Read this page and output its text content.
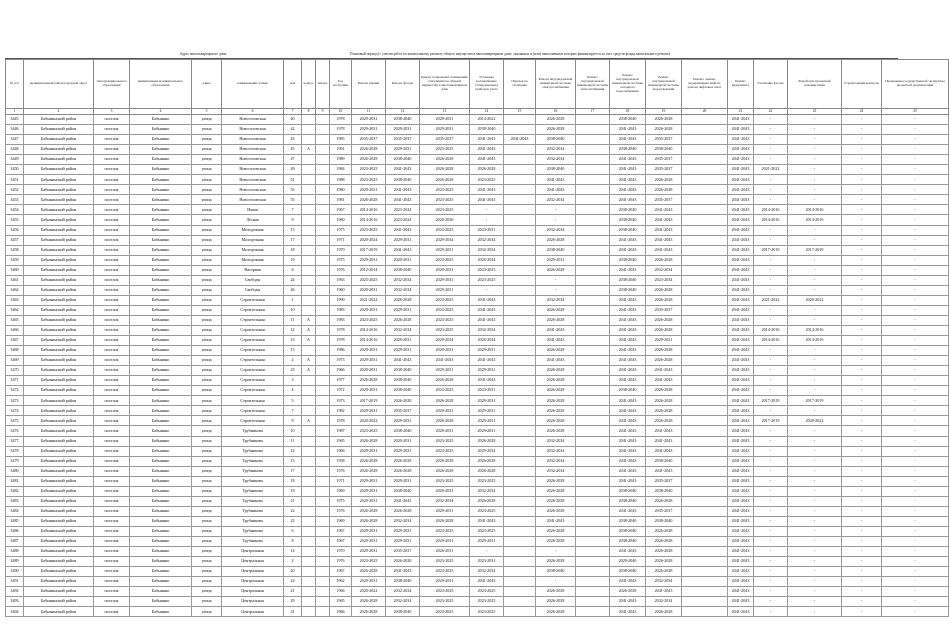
Адрес многоквартирного дома	Плановый период (с учетом работ по капитальному ремонту общего имущества в многоквартирном доме, оказанных и (или) выполненных которых финансируется за счет средств фонда капитального ремонта
№ п/п	муниципальный район/городской округ	тип муниципального образования	наименование муниципального образования	улица	наименование улицы	дом	корпус	литера	Год постройки	Ремонт крыши	Ремонт фасада	Ремонт подвальных помещений, относящихся к общему имуществу в многоквартирном доме	Установка коллективных (общедомовых) приборов учета	Переход на отопление	Ремонт внутридомовой инженерной системы электроснабжения	Ремонт внутридомовой инженерной системы теплоснабжения	Ремонт внутридомовой инженерной системы холодного водоснабжения	Ремонт внутридомовой инженерной системы водоотведения	Ремонт, замена, модернизация лифтов, ремонт лифтовых шахт	Ремонт фундамента	Утепление фасада	Разработка проектной документации	Строительный контроль	Проведение государственной экспертизы проектной документации
1	2	3	4	5	6	7	8	9	10	11	12	13	14	15	16	17	18	19	20	21	22	23	24	25
3445	Бабынинский район	поселок	Бабынино	улица	Новоселовская	40			1978	2029-2031	2038-2040	2029-2031	2014-2022		2026-2028		2038-2040	2026-2028		2041-2043	-	-	-	-
3446	Бабынинский район	поселок	Бабынино	улица	Новоселовская	42			1978	2029-2031	2029-2031	2029-2031	2038-2040		2026-2028		2041-2043	2026-2028		2041-2043	-	-	-	-
3447	Бабынинский район	поселок	Бабынино	улица	Новоселовская	43			1985	2035-2037	2035-2037	2035-2037	2041-2043	2041-2043	2038-2040		2041-2043	2035-2037		2041-2043	-	-	-	-
3448	Бабынинский район	поселок	Бабынино	улица	Новоселовская	45	А		1991	2026-2028	2029-2031	2023-2025	2041-2043		2032-2034		2038-2040	2038-2040		2041-2043	-	-	-	-
3449	Бабынинский район	поселок	Бабынино	улица	Новоселовская	47			1989	2026-2028	2038-2040	2026-2028	2041-2043		2032-2034		2041-2043	2035-2037		2041-2043	-	-	-	-
3450	Бабынинский район	поселок	Бабынино	улица	Новоселовская	49			1984	2023-2025	2041-2043	2026-2028	2026-2028		2038-2040		2041-2043	2035-2037		2041-2043	2021-2022	-	-	-
3451	Бабынинский район	поселок	Бабынино	улица	Новоселовская	51			1988	2023-2025	2038-2040	2026-2028	2023-2025		2041-2043		2041-2043	2026-2028		2041-2043	-	-	-	-
3452	Бабынинский район	поселок	Бабынино	улица	Новоселовская	53			1980	2029-2031	2041-2043	2023-2025	2041-2043		2041-2043		2041-2043	2026-2028		2041-2043	-	-	-	-
3453	Бабынинский район	поселок	Бабынино	улица	Новоселовская	55			1981	2026-2028	2041-2043	2023-2025	2041-2043		2032-2034		2041-2043	2035-2037		2041-2043	-	-	-	-
3454	Бабынинский район	поселок	Бабынино	улица	Новая	7			1967	2014-2016	2023-2024	2023-2025	-		-		2038-2040	2041-2043		2041-2043	2014-2016	2014-2016	-	-
3455	Бабынинский район	поселок	Бабынино	улица	Лесная	9			1960	2014-2016	2023-2024	2020-2030	-		-		2038-2040	2041-2043		2041-2043	2014-2016	2014-2016	-	-
3456	Бабынинский район	поселок	Бабынино	улица	Молодежная	15			1975	2023-2025	2041-2043	2023-2025	2023-2031		2032-2034		2038-2040	2041-2043		2041-2043	-	-	-	-
3457	Бабынинский район	поселок	Бабынино	улица	Молодежная	17			1971	2020-2024	2029-2031	2029-2034	2032-2034		2026-2028		2041-2043	2041-2043		2041-2043	-	-	-	-
3458	Бабынинский район	поселок	Бабынино	улица	Молодежная	18			1970	2017-2019	2041-2043	2029-2031	2032-2034		2038-2040		2041-2043	2041-2043		2041-2043	2017-2019	2017-2019	-	-
3459	Бабынинский район	поселок	Бабынино	улица	Молодежная	19			1975	2029-2031	2020-2031	2023-2025	2026-2034		2029-2031		2038-2040	2026-2028		2041-2043	-	-	-	-
3460	Бабынинский район	поселок	Бабынино	улица	Нагорная	6			1976	2012-2014	2038-2040	2029-2031	2023-2025		2026-2028		2041-2043	2032-2034		2041-2043	-	-	-	-
3461	Бабынинский район	поселок	Бабынино	улица	Свободы	24			1963	2025-2025	2032-2034	2029-2031	2023-2025		-		2038-2040	2023-2034		2041-2043	-	-	-	-
3462	Бабынинский район	поселок	Бабынино	улица	Свободы	26			1960	2029-2031	2032-2034	2029-2031	-		-		2038-2040	2026-2028		2041-2043	-	-	-	-
3463	Бабынинский район	поселок	Бабынино	улица	Строительная	1			1990	2021-2022	2026-2028	2023-2025	2041-2043		2032-2034		2041-2043	2026-2028		2041-2043	2021-2022	2020-2022	-	-
3464	Бабынинский район	поселок	Бабынино	улица	Строительная	10			1983	2029-2031	2029-2031	2023-2025	2041-2043		2026-2028		2041-2043	2035-2037		2041-2043	-	-	-	-
3465	Бабынинский район	поселок	Бабынино	улица	Строительная	11	А		1983	2023-2025	2026-2028	2023-2025	2041-2043		2026-2028		2041-2043	2026-2028		2041-2043	-	-	-	-
3466	Бабынинский район	поселок	Бабынино	улица	Строительная	12	А		1978	2014-2016	2032-2034	2023-2025	2032-2034		2041-2043		2041-2043	2026-2028		2041-2043	2014-2016	2014-2016	-	-
3467	Бабынинский район	поселок	Бабынино	улица	Строительная	13	А		1978	2014-2016	2029-2031	2029-2034	2026-2034		2041-2043		2041-2043	2029-2031		2041-2043	2014-2016	2014-2016	-	-
3468	Бабынинский район	поселок	Бабынино	улица	Строительная	15			1986	2029-2031	2029-2031	2029-2031	2029-2031		2026-2028		2041-2043	2026-2028		2041-2043	-	-	-	-
3469	Бабынинский район	поселок	Бабынино	улица	Строительная	2	А		1973	2029-2031	2041-2043	2041-2043	2041-2043		2041-2043		2041-2043	2026-2028		2041-2043	-	-	-	-
3470	Бабынинский район	поселок	Бабынино	улица	Строительная	23	А		1966	2029-2031	2038-2040	2029-2031	2029-2031		2026-2028		2041-2043	2041-2043		2041-2043	-	-	-	-
3471	Бабынинский район	поселок	Бабынино	улица	Строительная	3			1977	2026-2028	2038-2040	2026-2028	2041-2043		2026-2028		2041-2043	2041-2043		2041-2043	-	-	-	-
3472	Бабынинский район	поселок	Бабынино	улица	Строительная	4			1972	2029-2031	2038-2040	2023-2025	2023-2031		2026-2028		2038-2040	2026-2028		2041-2043	-	-	-	-
3473	Бабынинский район	поселок	Бабынино	улица	Строительная	5			1973	2017-2019	2026-2028	2026-2028	2029-2031		2026-2028		2041-2043	2026-2028		2041-2043	2017-2019	2017-2019	-	-
3474	Бабынинский район	поселок	Бабынино	улица	Строительная	7			1982	2029-2031	2035-2037	2029-2031	2029-2031		2026-2028		2041-2043	2026-2028		2041-2043	-	-	-	-
3475	Бабынинский район	поселок	Бабынино	улица	Строительная	9	А		1978	2020-2022	2029-2031	2026-2028	2029-2031		2026-2028		2041-2043	2026-2028		2041-2043	2017-2019	2020-2022	-	-
3476	Бабынинский район	поселок	Бабынино	улица	Трубникова	10			1987	2023-2025	2038-2040	2029-2031	2029-2031		2026-2028		2041-2043	2041-2043		2041-2043	-	-	-	-
3477	Бабынинский район	поселок	Бабынино	улица	Трубникова	11			1965	2026-2028	2020-2031	2023-2025	2026-2028		2032-2034		2041-2043	2041-2043		2041-2043	-	-	-	-
3478	Бабынинский район	поселок	Бабынино	улица	Трубникова	12			1966	2029-2031	2029-2031	2023-2025	2029-2034		2032-2034		2041-2043	2041-2043		2041-2043	-	-	-	-
3479	Бабынинский район	поселок	Бабынино	улица	Трубникова	13			1958	2026-2028	2026-2028	2026-2028	2026-2028		2032-2034		2041-2043	2038-2040		2041-2043	-	-	-	-
3480	Бабынинский район	поселок	Бабынино	улица	Трубникова	17			1976	2026-2028	2026-2028	2026-2028	2026-2028		2032-2034		2041-2043	2041-2043		2041-2043	-	-	-	-
3481	Бабынинский район	поселок	Бабынино	улица	Трубникова	18			1971	2029-2031	2029-2031	2023-2025	2023-2025		2026-2028		2041-2043	2035-2037		2041-2043	-	-	-	-
3482	Бабынинский район	поселок	Бабынино	улица	Трубникова	19			1969	2029-2031	2038-2040	2029-2031	2032-2034		2026-2028		2038-2040	2038-2040		2041-2043	-	-	-	-
3483	Бабынинский район	поселок	Бабынино	улица	Трубникова	21			1975	2029-2031	2041-2043	2032-2034	2026-2028		2026-2028		2038-2040	2026-2028		2041-2043	-	-	-	-
3484	Бабынинский район	поселок	Бабынино	улица	Трубникова	22			1976	2026-2028	2026-2028	2029-2031	2023-2025		2026-2028		2041-2043	2035-2037		2041-2043	-	-	-	-
3485	Бабынинский район	поселок	Бабынино	улица	Трубникова	23			1969	2026-2028	2032-2034	2026-2028	2041-2043		2041-2043		2038-2040	2038-2040		2041-2043	-	-	-	-
3486	Бабынинский район	поселок	Бабынино	улица	Трубникова	6			1967	2029-2031	2029-2031	2023-2025	2023-2025		2026-2028		2038-2040	2026-2028		2041-2043	-	-	-	-
3487	Бабынинский район	поселок	Бабынино	улица	Трубникова	8			1967	2029-2031	2029-2031	2029-2031	2029-2031		2026-2028		2038-2040	2026-2028		2041-2043	-	-	-	-
3488	Бабынинский район	поселок	Бабынино	улица	Центральная	14			1970	2029-2031	2035-2037	2026-2031	-		-		2041-2043	2026-2028		2041-2043	-	-	-	-
3489	Бабынинский район	поселок	Бабынино	улица	Центральная	2			1976	2023-2025	2026-2028	2023-2025	2023-2031		2026-2028		2029-2040	2026-2028		2041-2043	-	-	-	-
3490	Бабынинский район	поселок	Бабынино	улица	Центральная	20			1967	2026-2028	2041-2043	2023-2025	2032-2034		2038-2040		2038-2040	2026-2028		2041-2043	-	-	-	-
3491	Бабынинский район	поселок	Бабынино	улица	Центральная	24			1962	2029-2031	2038-2040	2029-2031	2041-2043		-		2041-2043	2032-2034		2041-2043	-	-	-	-
3492	Бабынинский район	поселок	Бабынино	улица	Центральная	21			1966	2020-2022	2032-2034	2023-2025	2023-2025		2026-2028		2026-2028	2041-2043		2041-2043	-	-	-	-
3493	Бабынинский район	поселок	Бабынино	улица	Центральная	29			1965	2026-2028	2032-2034	2023-2025	2023-2025		2026-2028		2041-2043	2032-2034		2041-2043	-	-	-	-
3494	Бабынинский район	поселок	Бабынино	улица	Центральная	31			1966	2026-2028	2038-2040	2023-2025	2023-2025		2026-2028		2041-2043	2026-2028		2041-2043	-	-	-	-
